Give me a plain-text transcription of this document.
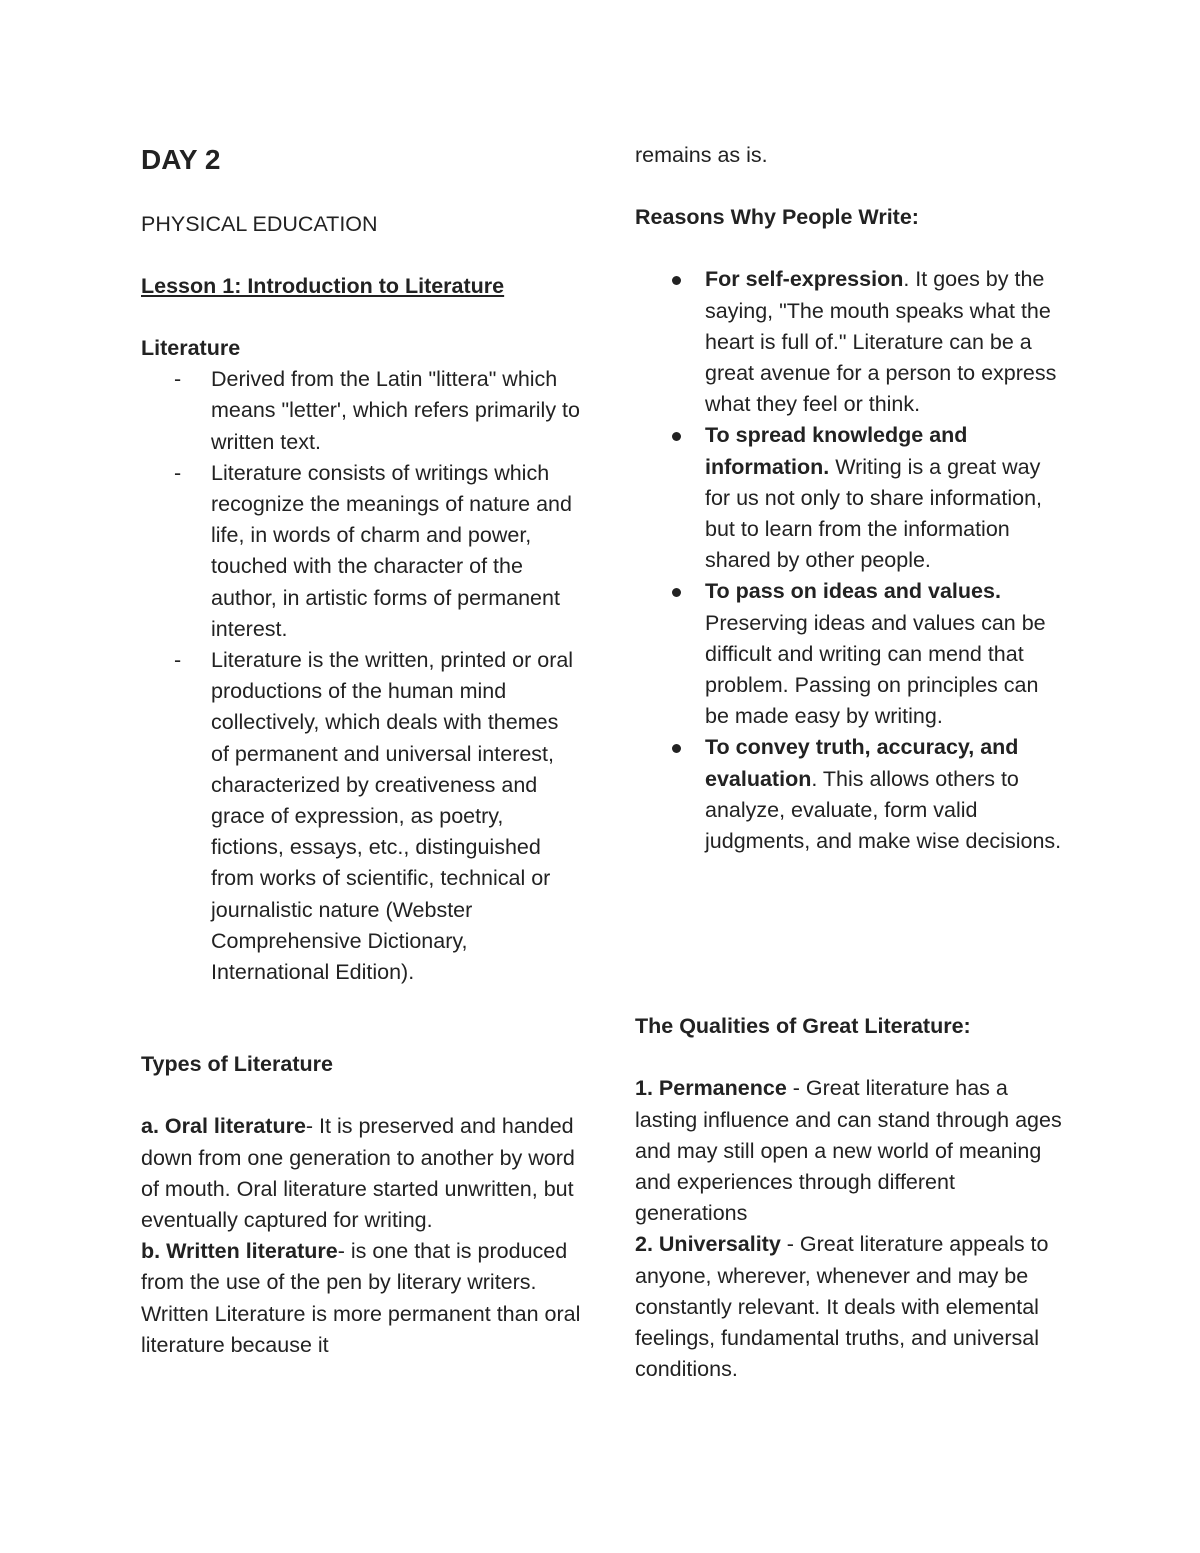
DAY 2
PHYSICAL EDUCATION
Lesson 1: Introduction to Literature

Literature

- Derived from the Latin "littera" which means "letter', which refers primarily to written text.
- Literature consists of writings which recognize the meanings of nature and life, in words of charm and power, touched with the character of the author, in artistic forms of permanent interest.
- Literature is the written, printed or oral productions of the human mind collectively, which deals with themes of permanent and universal interest, characterized by creativeness and grace of expression, as poetry, fictions, essays, etc., distinguished from works of scientific, technical or journalistic nature (Webster Comprehensive Dictionary, International Edition).

Types of Literature

a. Oral literature- It is preserved and handed down from one generation to another by word of mouth. Oral literature started unwritten, but eventually captured for writing.

b. Written literature- is one that is produced from the use of the pen by literary writers. Written Literature is more permanent than oral literature because it

remains as is.

Reasons Why People Write:

For self-expression. It goes by the saying, "The mouth speaks what the heart is full of." Literature can be a great avenue for a person to express what they feel or think.
To spread knowledge and information. Writing is a great way for us not only to share information, but to learn from the information shared by other people.
To pass on ideas and values. Preserving ideas and values can be difficult and writing can mend that problem. Passing on principles can be made easy by writing.
To convey truth, accuracy, and evaluation. This allows others to analyze, evaluate, form valid judgments, and make wise decisions.

The Qualities of Great Literature:

1. Permanence - Great literature has a lasting influence and can stand through ages and may still open a new world of meaning and experiences through different generations

2. Universality - Great literature appeals to anyone, wherever, whenever and may be constantly relevant. It deals with elemental feelings, fundamental truths, and universal conditions.
